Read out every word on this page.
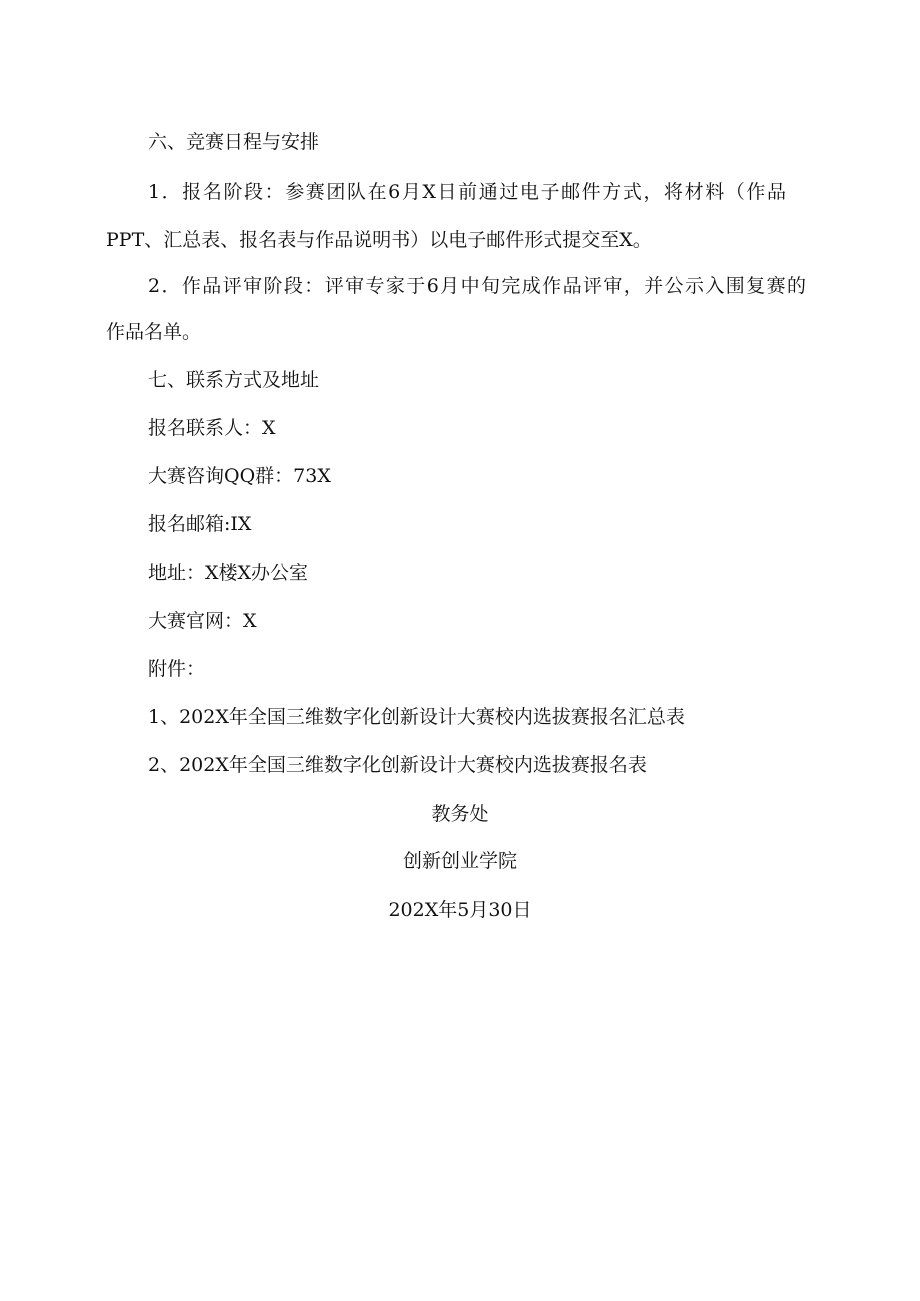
六、竞赛日程与安排
1．报名阶段：参赛团队在6月X日前通过电子邮件方式，将材料（作品
PPT、汇总表、报名表与作品说明书）以电子邮件形式提交至X。
2．作品评审阶段：评审专家于6月中旬完成作品评审，并公示入围复赛的
作品名单。
七、联系方式及地址
报名联系人：X
大赛咨询QQ群：73X
报名邮箱:IX
地址：X楼X办公室
大赛官网：X
附件：
1、202X年全国三维数字化创新设计大赛校内选拔赛报名汇总表
2、202X年全国三维数字化创新设计大赛校内选拔赛报名表
教务处
创新创业学院
202X年5月30日
